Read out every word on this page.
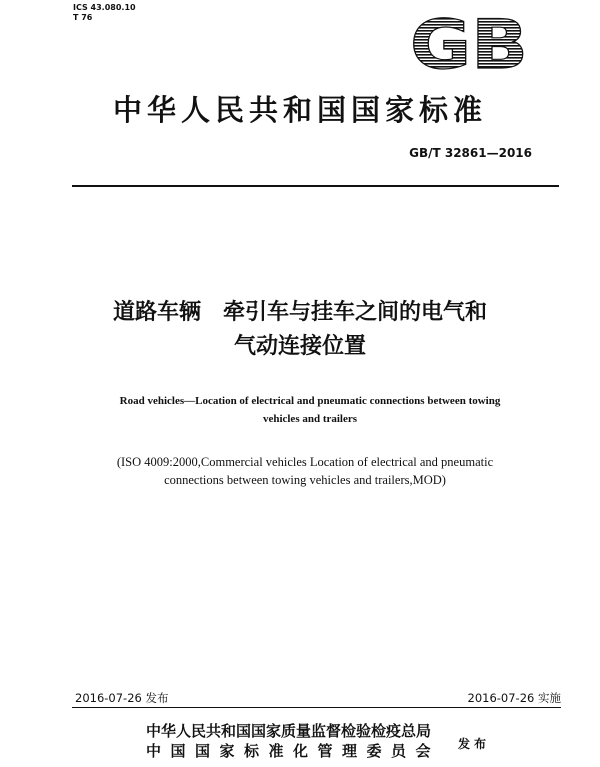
ICS 43.080.10
T 76	GB
中华人民共和国国家标准
GB/T 32861—2016
道路车辆 牵引车与挂车之间的电气和
气动连接位置
Road vehicles—Location of electrical and pneumatic connections between towing
vehicles and trailers
(ISO 4009:2000,Commercial vehicles Location of electrical and pneumatic
connections between towing vehicles and trailers,MOD)
2016-07-26 发布	2016-07-26 实施
中华人民共和国国家质量监督检验检疫总局
中国国家标准化管理委员会 发布
